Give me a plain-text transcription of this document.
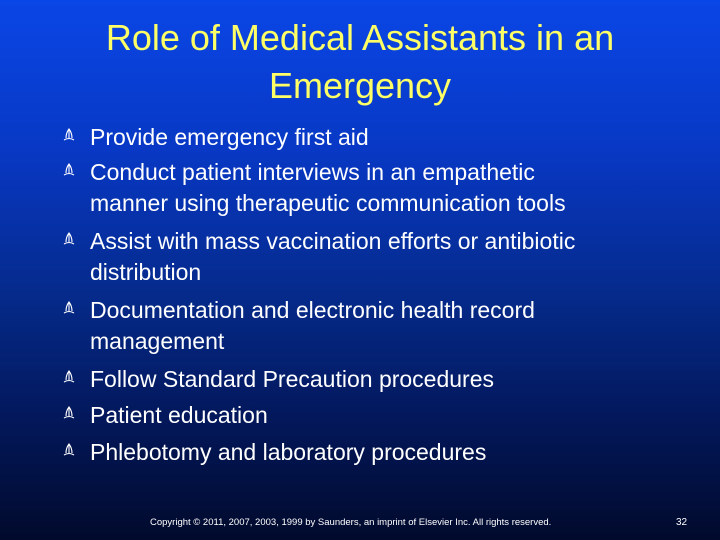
Role of Medical Assistants in an
Emergency
Provide emergency first aid
Conduct patient interviews in an empathetic
manner using therapeutic communication tools
Assist with mass vaccination efforts or antibiotic
distribution
Documentation and electronic health record
management
Follow Standard Precaution procedures
Patient education
Phlebotomy and laboratory procedures
Copyright © 2011, 2007, 2003, 1999 by Saunders, an imprint of Elsevier Inc. All rights reserved.	32
